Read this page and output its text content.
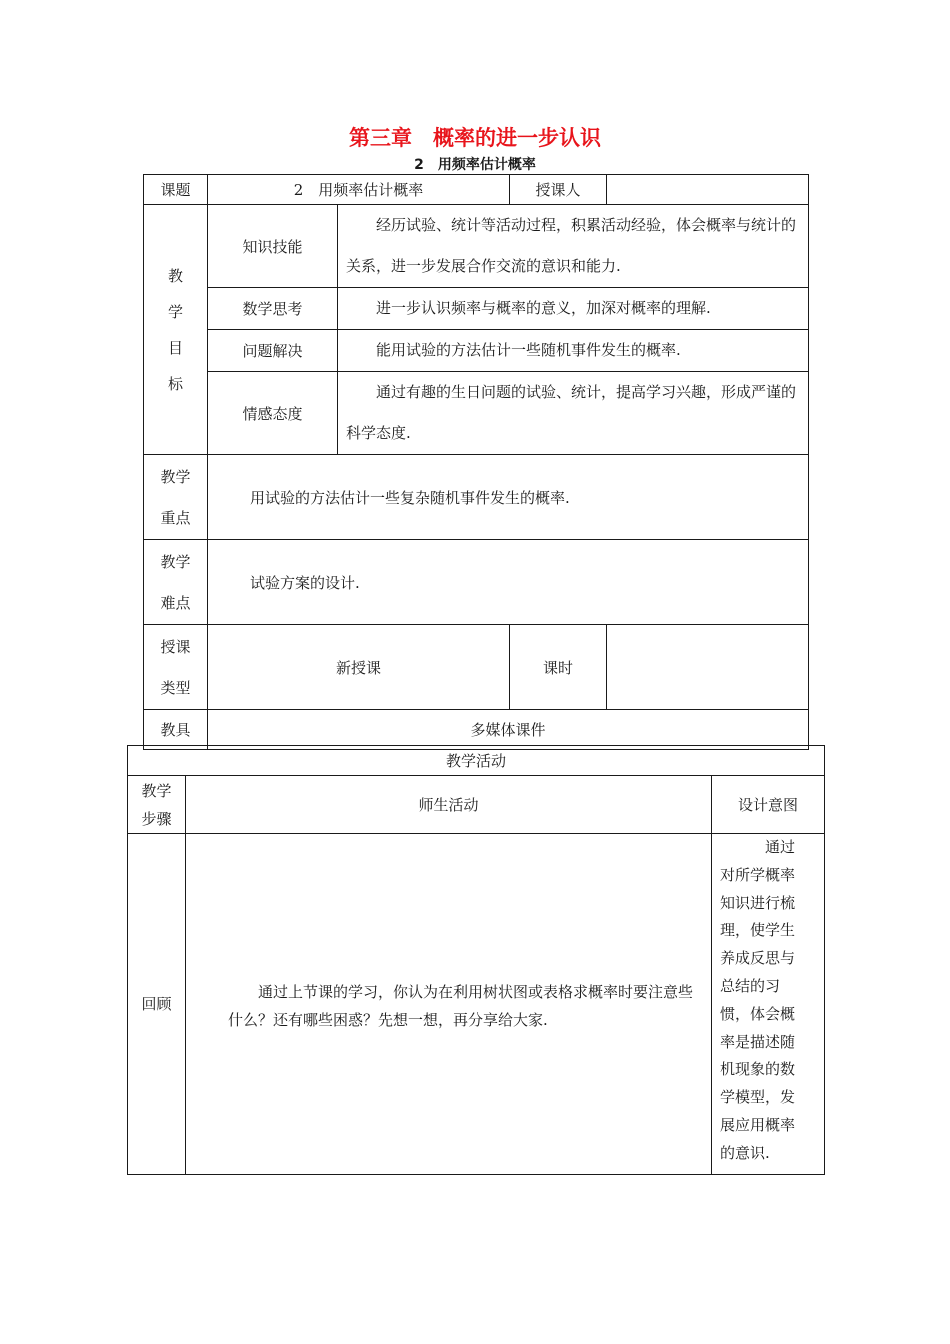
第三章　概率的进一步认识
2　用频率估计概率
课题	2　用频率估计概率		授课人	

教
学
目
标	知识技能	经历试验、统计等活动过程，积累活动经验，体会概率与统计的关系，进一步发展合作交流的意识和能力.		
	数学思考	进一步认识频率与概率的意义，加深对概率的理解.		
	问题解决	能用试验的方法估计一些随机事件发生的概率.		
	情感态度	通过有趣的生日问题的试验、统计，提高学习兴趣，形成严谨的科学态度.		

教学
重点	用试验的方法估计一些复杂随机事件发生的概率.			

教学
难点	试验方案的设计.			

授课
类型	新授课		课时	
教具	多媒体课件			
教学活动		

教学
步骤	师生活动	设计意图
回顾	通过上节课的学习，你认为在利用树状图或表格求概率时要注意些什么？还有哪些困惑？先想一想，再分享给大家.	通过对所学概率知识进行梳理，使学生养成反思与总结的习惯，体会概率是描述随机现象的数学模型，发展应用概率的意识.
